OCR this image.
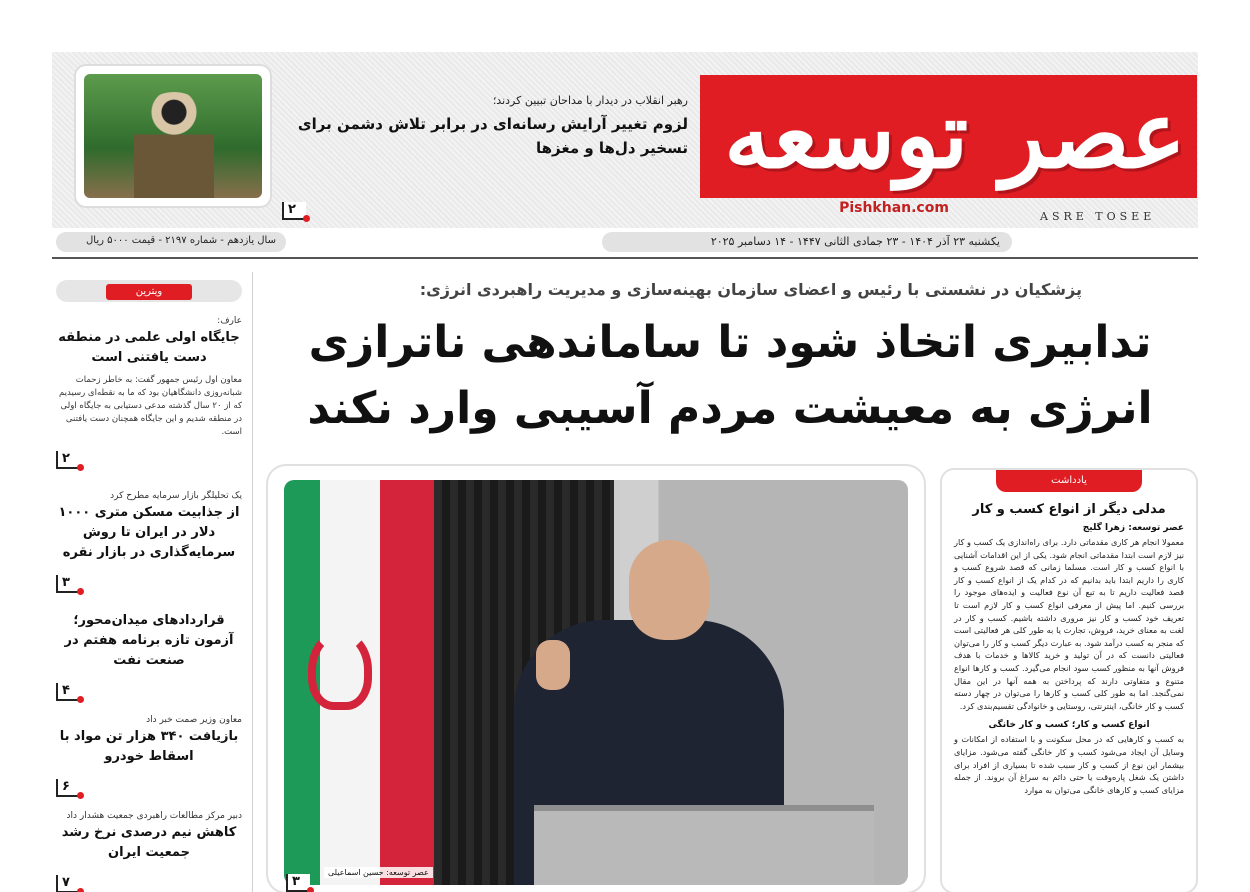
عصر توسعه
Pishkhan.com
ASRE TOSEE
رهبر انقلاب در دیدار با مداحان تبیین کردند؛
لزوم تغییر آرایش رسانه‌ای در برابر تلاش دشمن برای تسخیر دل‌ها و مغزها
۲
یکشنبه ۲۳ آذر ۱۴۰۴ - ۲۳ جمادی الثانی ۱۴۴۷ - ۱۴ دسامبر ۲۰۲۵
سال یازدهم - شماره ۲۱۹۷ - قیمت ۵۰۰۰ ریال
ویترین
عارف:
جایگاه اولی علمی در منطقه دست یافتنی است
معاون اول رئیس جمهور گفت: به خاطر زحمات شبانه‌روزی دانشگاهیان بود که ما به نقطه‌ای رسیدیم که از ۲۰ سال گذشته مدعی دستیابی به جایگاه اولی در منطقه شدیم و این جایگاه همچنان دست یافتنی است.
۲
یک تحلیلگر بازار سرمایه مطرح کرد
از جذابیت مسکن متری ۱۰۰۰ دلار در ایران تا روش سرمایه‌گذاری در بازار نقره
۳
قراردادهای میدان‌محور؛ آزمون تازه برنامه هفتم در صنعت نفت
۴
معاون وزیر صمت خبر داد
بازیافت ۳۴۰ هزار تن مواد با اسقاط خودرو
۶
دبیر مرکز مطالعات راهبردی جمعیت هشدار داد
کاهش نیم درصدی نرخ رشد جمعیت ایران
۷
پزشکیان در نشستی با رئیس و اعضای سازمان بهینه‌سازی و مدیریت راهبردی انرژی:
تدابیری اتخاذ شود تا ساماندهی ناترازی انرژی به معیشت مردم آسیبی وارد نکند
عصر توسعه: حسین اسماعیلی
۳
یادداشت
مدلی دیگر از انواع کسب و کار
عصر توسعه: زهرا گلیج
معمولا انجام هر کاری مقدماتی دارد. برای راه‌اندازی یک کسب و کار نیز لازم است ابتدا مقدماتی انجام شود. یکی از این اقدامات آشنایی با انواع کسب و کار است. مسلما زمانی که قصد شروع کسب و کاری را داریم ابتدا باید بدانیم که در کدام یک از انواع کسب و کار قصد فعالیت داریم تا به تبع آن نوع فعالیت و ایده‌های موجود را بررسی کنیم. اما پیش از معرفی انواع کسب و کار لازم است تا تعریف خود کسب و کار نیز مروری داشته باشیم. کسب و کار در لغت به معنای خرید، فروش، تجارت یا به طور کلی هر فعالیتی است که منجر به کسب درآمد شود. به عبارت دیگر کسب و کار را می‌توان فعالیتی دانست که در آن تولید و خرید کالاها و خدمات با هدف فروش آنها به منظور کسب سود انجام می‌گیرد. کسب و کارها انواع متنوع و متفاوتی دارند که پرداختن به همه آنها در این مقال نمی‌گنجد. اما به طور کلی کسب و کارها را می‌توان در چهار دسته کسب و کار خانگی، اینترنتی، روستایی و خانوادگی تقسیم‌بندی کرد.
انواع کسب و کار؛ کسب و کار خانگی
به کسب و کارهایی که در محل سکونت و با استفاده از امکانات و وسایل آن ایجاد می‌شود کسب و کار خانگی گفته می‌شود. مزایای بیشمار این نوع از کسب و کار سبب شده تا بسیاری از افراد برای داشتن یک شغل پاره‌وقت یا حتی دائم به سراغ آن بروند. از جمله مزایای کسب و کارهای خانگی می‌توان به موارد
